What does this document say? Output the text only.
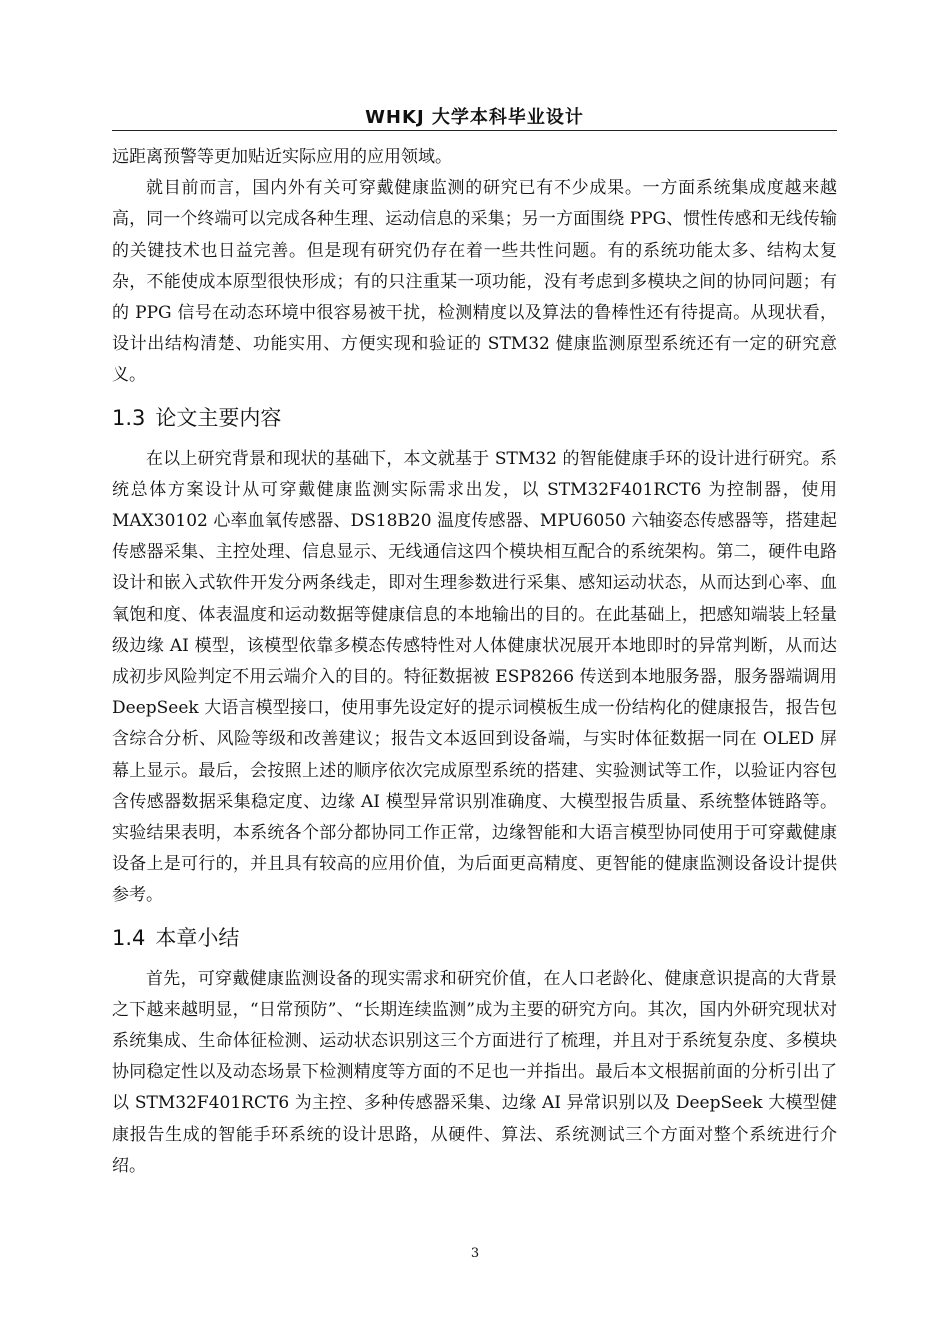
WHKJ 大学本科毕业设计

远距离预警等更加贴近实际应用的应用领域。

就目前而言，国内外有关可穿戴健康监测的研究已有不少成果。一方面系统集成度越来越高，同一个终端可以完成各种生理、运动信息的采集；另一方面围绕 PPG、惯性传感和无线传输的关键技术也日益完善。但是现有研究仍存在着一些共性问题。有的系统功能太多、结构太复杂，不能使成本原型很快形成；有的只注重某一项功能，没有考虑到多模块之间的协同问题；有的 PPG 信号在动态环境中很容易被干扰，检测精度以及算法的鲁棒性还有待提高。从现状看，设计出结构清楚、功能实用、方便实现和验证的 STM32 健康监测原型系统还有一定的研究意义。

1.3 论文主要内容

在以上研究背景和现状的基础下，本文就基于 STM32 的智能健康手环的设计进行研究。系统总体方案设计从可穿戴健康监测实际需求出发，以 STM32F401RCT6 为控制器，使用 MAX30102 心率血氧传感器、DS18B20 温度传感器、MPU6050 六轴姿态传感器等，搭建起传感器采集、主控处理、信息显示、无线通信这四个模块相互配合的系统架构。第二，硬件电路设计和嵌入式软件开发分两条线走，即对生理参数进行采集、感知运动状态，从而达到心率、血氧饱和度、体表温度和运动数据等健康信息的本地输出的目的。在此基础上，把感知端装上轻量级边缘 AI 模型，该模型依靠多模态传感特性对人体健康状况展开本地即时的异常判断，从而达成初步风险判定不用云端介入的目的。特征数据被 ESP8266 传送到本地服务器，服务器端调用 DeepSeek 大语言模型接口，使用事先设定好的提示词模板生成一份结构化的健康报告，报告包含综合分析、风险等级和改善建议；报告文本返回到设备端，与实时体征数据一同在 OLED 屏幕上显示。最后，会按照上述的顺序依次完成原型系统的搭建、实验测试等工作，以验证内容包含传感器数据采集稳定度、边缘 AI 模型异常识别准确度、大模型报告质量、系统整体链路等。实验结果表明，本系统各个部分都协同工作正常，边缘智能和大语言模型协同使用于可穿戴健康设备上是可行的，并且具有较高的应用价值，为后面更高精度、更智能的健康监测设备设计提供参考。

1.4 本章小结

首先，可穿戴健康监测设备的现实需求和研究价值，在人口老龄化、健康意识提高的大背景之下越来越明显，“日常预防”、“长期连续监测”成为主要的研究方向。其次，国内外研究现状对系统集成、生命体征检测、运动状态识别这三个方面进行了梳理，并且对于系统复杂度、多模块协同稳定性以及动态场景下检测精度等方面的不足也一并指出。最后本文根据前面的分析引出了以 STM32F401RCT6 为主控、多种传感器采集、边缘 AI 异常识别以及 DeepSeek 大模型健康报告生成的智能手环系统的设计思路，从硬件、算法、系统测试三个方面对整个系统进行介绍。

3
